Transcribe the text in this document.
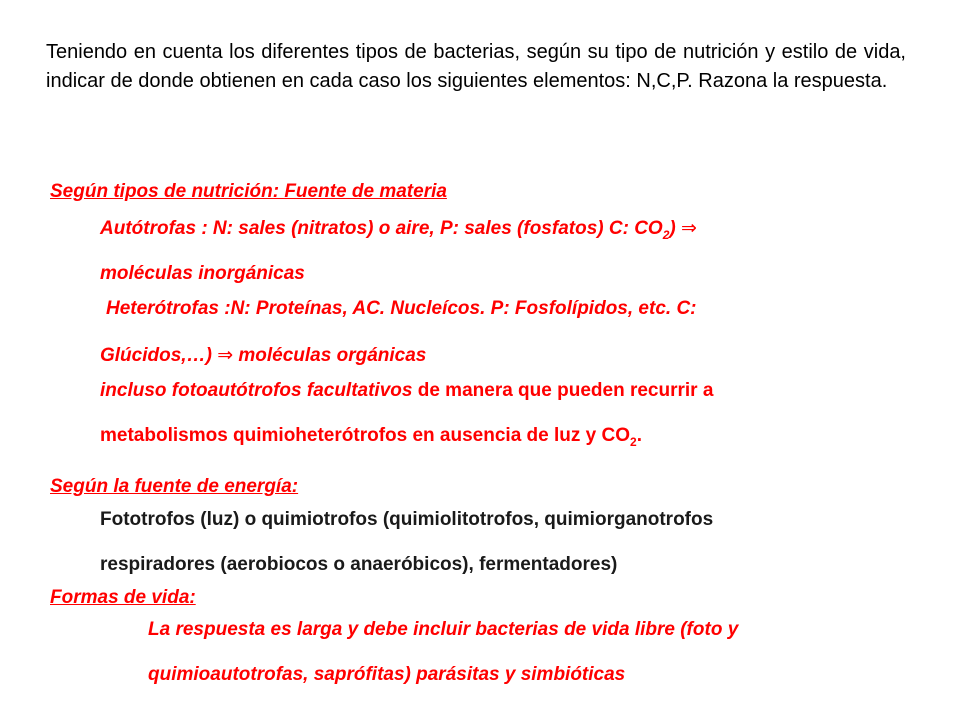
Teniendo en cuenta los diferentes tipos de bacterias, según su tipo de nutrición y estilo de vida, indicar de donde obtienen en cada caso los siguientes elementos: N,C,P. Razona la respuesta.
Según tipos de nutrición: Fuente de materia
Autótrofas : N: sales (nitratos) o aire, P: sales (fosfatos) C: $CO_2$) ⇒
moléculas inorgánicas
Heterótrofas :N: Proteínas, AC. Nucleícos. P: Fosfolípidos, etc. C:
Glúcidos,…) ⇒ moléculas orgánicas
incluso fotoautótrofos facultativos de manera que pueden recurrir a
metabolismos quimioheterótrofos en ausencia de luz y $CO_2$.
Según la fuente de energía:
Fototrofos (luz) o quimiotrofos (quimiolitotrofos, quimiorganotrofos
respiradores (aerobiocos o anaeróbicos), fermentadores)
Formas de vida:
La respuesta es larga y debe incluir bacterias de vida libre (foto y
quimioautotrofas, saprófitas) parásitas y simbióticas
